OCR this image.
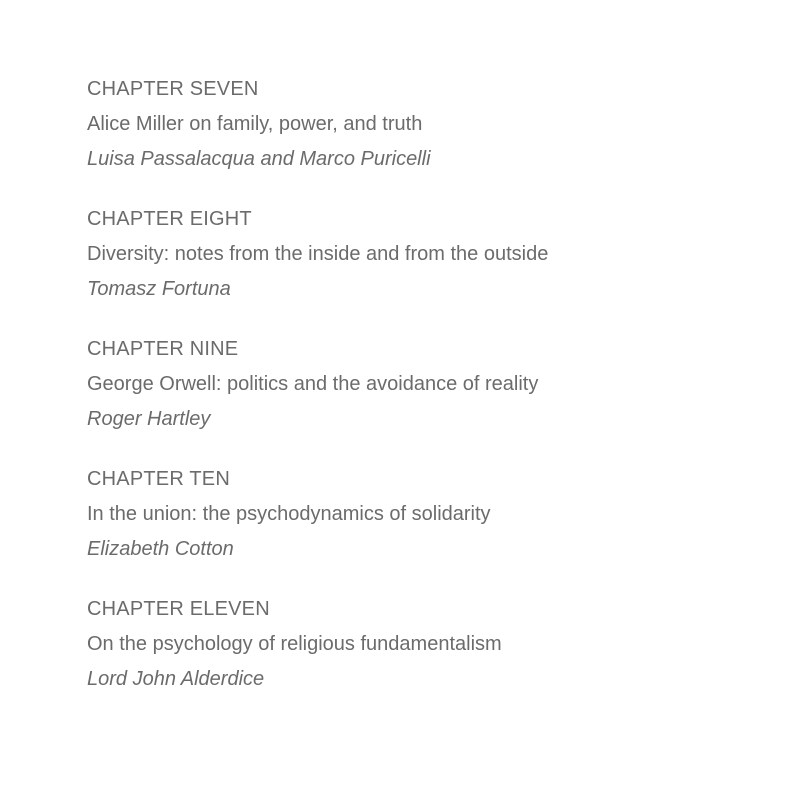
CHAPTER SEVEN
Alice Miller on family, power, and truth
Luisa Passalacqua and Marco Puricelli
CHAPTER EIGHT
Diversity: notes from the inside and from the outside
Tomasz Fortuna
CHAPTER NINE
George Orwell: politics and the avoidance of reality
Roger Hartley
CHAPTER TEN
In the union: the psychodynamics of solidarity
Elizabeth Cotton
CHAPTER ELEVEN
On the psychology of religious fundamentalism
Lord John Alderdice
